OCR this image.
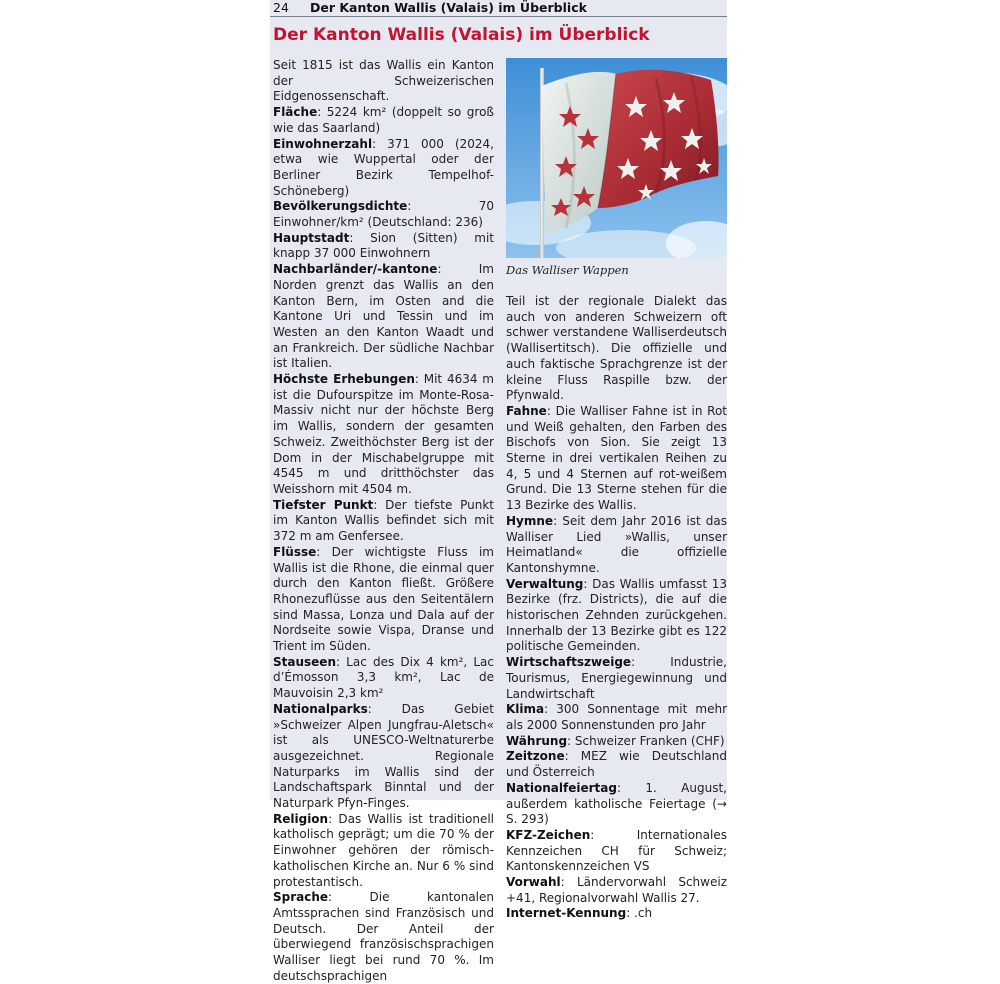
24 Der Kanton Wallis (Valais) im Überblick
Der Kanton Wallis (Valais) im Überblick

Seit 1815 ist das Wallis ein Kanton der Schweizerischen Eidgenossenschaft.

Fläche: 5224 km² (doppelt so groß wie das Saarland)

Einwohnerzahl: 371 000 (2024, etwa wie Wuppertal oder der Berliner Bezirk Tempelhof-Schöneberg)

Bevölkerungsdichte: 70 Einwohner/km² (Deutschland: 236)

Hauptstadt: Sion (Sitten) mit knapp 37 000 Einwohnern

Nachbarländer/-kantone: Im Norden grenzt das Wallis an den Kanton Bern, im Osten and die Kantone Uri und Tessin und im Westen an den Kanton Waadt und an Frankreich. Der südliche Nachbar ist Italien.

Höchste Erhebungen: Mit 4634 m ist die Dufourspitze im Monte-Rosa-Massiv nicht nur der höchste Berg im Wallis, sondern der gesamten Schweiz. Zweithöchster Berg ist der Dom in der Mischabelgruppe mit 4545 m und dritthöchster das Weisshorn mit 4504 m.

Tiefster Punkt: Der tiefste Punkt im Kanton Wallis befindet sich mit 372 m am Genfersee.

Flüsse: Der wichtigste Fluss im Wallis ist die Rhone, die einmal quer durch den Kanton fließt. Größere Rhonezuflüsse aus den Seitentälern sind Massa, Lonza und Dala auf der Nordseite sowie Vispa, Dranse und Trient im Süden.

Stauseen: Lac des Dix 4 km², Lac d’Émosson 3,3 km², Lac de Mauvoisin 2,3 km²

Nationalparks: Das Gebiet »Schweizer Alpen Jungfrau-Aletsch« ist als UNESCO-Weltnaturerbe ausgezeichnet. Regionale Naturparks im Wallis sind der Landschaftspark Binntal und der Naturpark Pfyn-Finges.

Religion: Das Wallis ist traditionell katholisch geprägt; um die 70 % der Einwohner gehören der römisch-katholischen Kirche an. Nur 6 % sind protestantisch.

Sprache: Die kantonalen Amtssprachen sind Französisch und Deutsch. Der Anteil der überwiegend französischsprachigen Walliser liegt bei rund 70 %. Im deutschsprachigen

Das Walliser Wappen

Teil ist der regionale Dialekt das auch von anderen Schweizern oft schwer verstandene Walliserdeutsch (Wallisertitsch). Die offizielle und auch faktische Sprachgrenze ist der kleine Fluss Raspille bzw. der Pfynwald.

Fahne: Die Walliser Fahne ist in Rot und Weiß gehalten, den Farben des Bischofs von Sion. Sie zeigt 13 Sterne in drei vertikalen Reihen zu 4, 5 und 4 Sternen auf rot-weißem Grund. Die 13 Sterne stehen für die 13 Bezirke des Wallis.

Hymne: Seit dem Jahr 2016 ist das Walliser Lied »Wallis, unser Heimatland« die offizielle Kantonshymne.

Verwaltung: Das Wallis umfasst 13 Bezirke (frz. Districts), die auf die historischen Zehnden zurückgehen. Innerhalb der 13 Bezirke gibt es 122 politische Gemeinden.

Wirtschaftszweige: Industrie, Tourismus, Energiegewinnung und Landwirtschaft

Klima: 300 Sonnentage mit mehr als 2000 Sonnenstunden pro Jahr

Währung: Schweizer Franken (CHF)

Zeitzone: MEZ wie Deutschland und Österreich

Nationalfeiertag: 1. August, außerdem katholische Feiertage (→ S. 293)

KFZ-Zeichen: Internationales Kennzeichen CH für Schweiz; Kantonskennzeichen VS

Vorwahl: Ländervorwahl Schweiz +41, Regionalvorwahl Wallis 27.

Internet-Kennung: .ch
